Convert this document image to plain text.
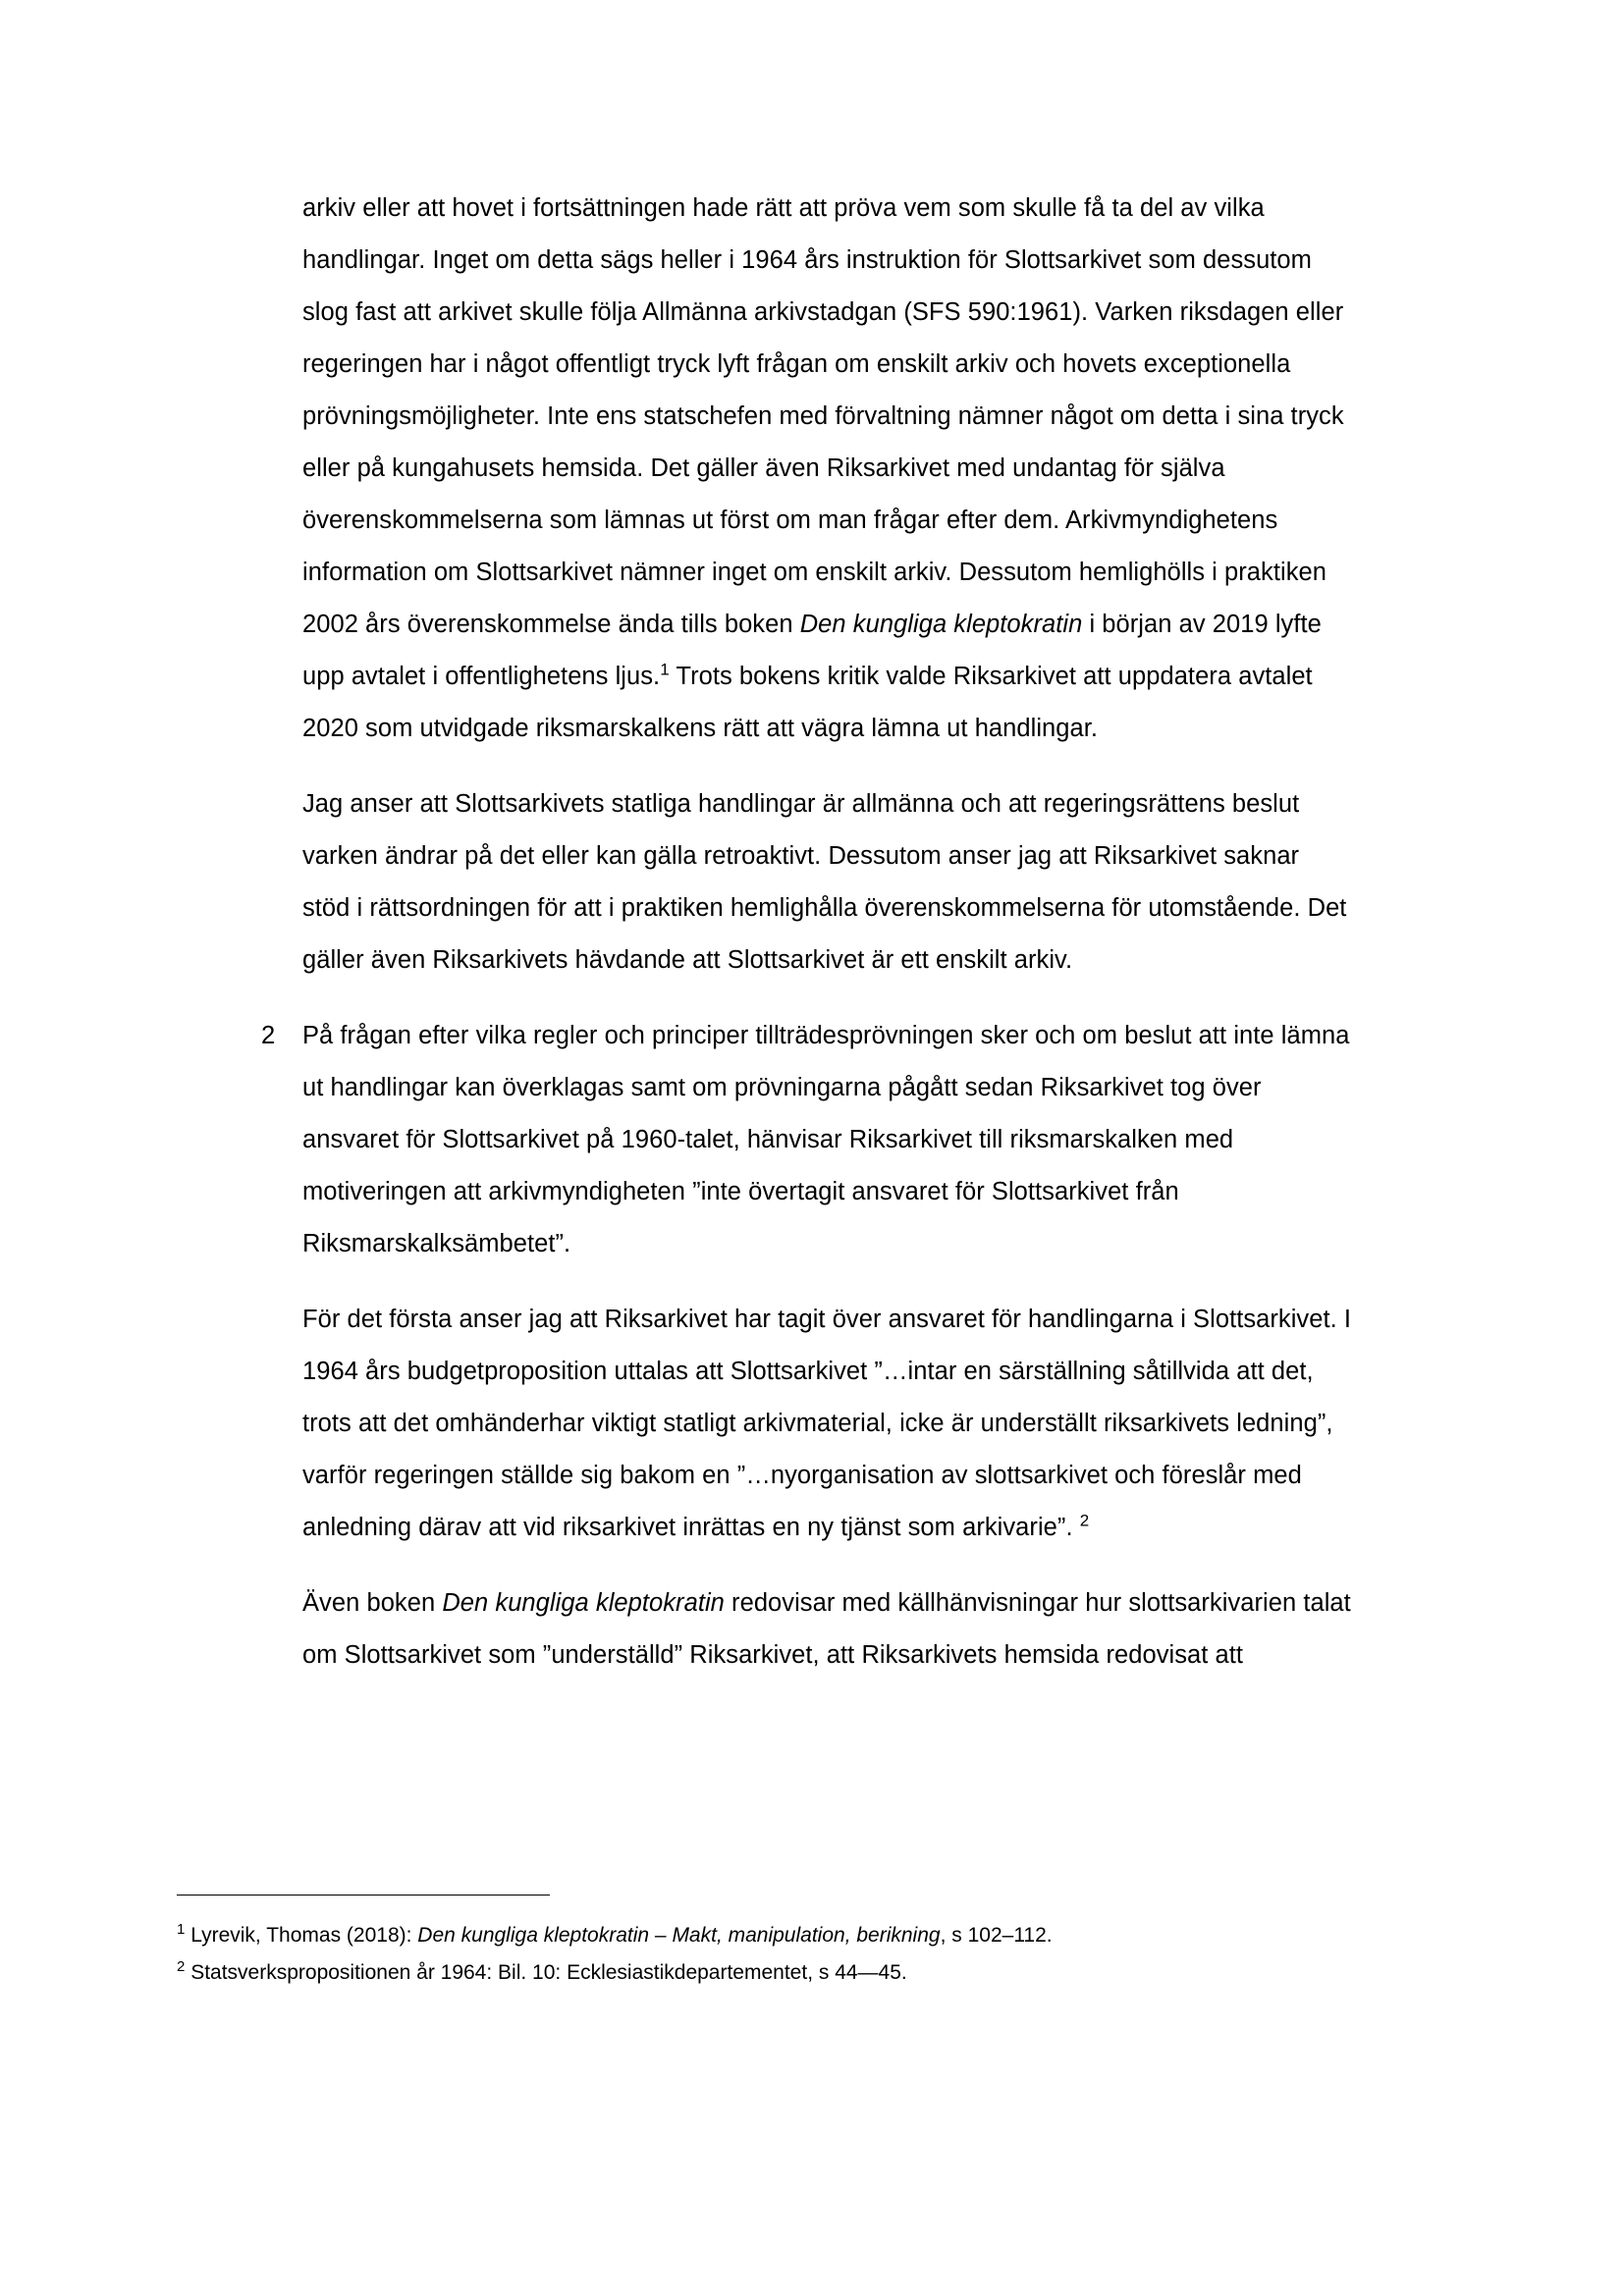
arkiv eller att hovet i fortsättningen hade rätt att pröva vem som skulle få ta del av vilka handlingar. Inget om detta sägs heller i 1964 års instruktion för Slottsarkivet som dessutom slog fast att arkivet skulle följa Allmänna arkivstadgan (SFS 590:1961). Varken riksdagen eller regeringen har i något offentligt tryck lyft frågan om enskilt arkiv och hovets exceptionella prövningsmöjligheter. Inte ens statschefen med förvaltning nämner något om detta i sina tryck eller på kungahusets hemsida. Det gäller även Riksarkivet med undantag för själva överenskommelserna som lämnas ut först om man frågar efter dem. Arkivmyndighetens information om Slottsarkivet nämner inget om enskilt arkiv. Dessutom hemlighölls i praktiken 2002 års överenskommelse ända tills boken Den kungliga kleptokratin i början av 2019 lyfte upp avtalet i offentlighetens ljus.$^1$ Trots bokens kritik valde Riksarkivet att uppdatera avtalet 2020 som utvidgade riksmarskalkens rätt att vägra lämna ut handlingar.

Jag anser att Slottsarkivets statliga handlingar är allmänna och att regeringsrättens beslut varken ändrar på det eller kan gälla retroaktivt. Dessutom anser jag att Riksarkivet saknar stöd i rättsordningen för att i praktiken hemlighålla överenskommelserna för utomstående. Det gäller även Riksarkivets hävdande att Slottsarkivet är ett enskilt arkiv.

2	På frågan efter vilka regler och principer tillträdesprövningen sker och om beslut att inte lämna ut handlingar kan överklagas samt om prövningarna pågått sedan Riksarkivet tog över ansvaret för Slottsarkivet på 1960-talet, hänvisar Riksarkivet till riksmarskalken med motiveringen att arkivmyndigheten ”inte övertagit ansvaret för Slottsarkivet från Riksmarskalksämbetet”.

För det första anser jag att Riksarkivet har tagit över ansvaret för handlingarna i Slottsarkivet. I 1964 års budgetproposition uttalas att Slottsarkivet ”…intar en särställning såtillvida att det, trots att det omhänderhar viktigt statligt arkivmaterial, icke är underställt riksarkivets ledning”, varför regeringen ställde sig bakom en ”…nyorganisation av slottsarkivet och föreslår med anledning därav att vid riksarkivet inrättas en ny tjänst som arkivarie”. $^2$

Även boken Den kungliga kleptokratin redovisar med källhänvisningar hur slottsarkivarien talat om Slottsarkivet som ”underställd” Riksarkivet, att Riksarkivets hemsida redovisat att

$^1$ Lyrevik, Thomas (2018): Den kungliga kleptokratin – Makt, manipulation, berikning, s 102–112.

$^2$ Statsverkspropositionen år 1964: Bil. 10: Ecklesiastikdepartementet, s 44—45.
